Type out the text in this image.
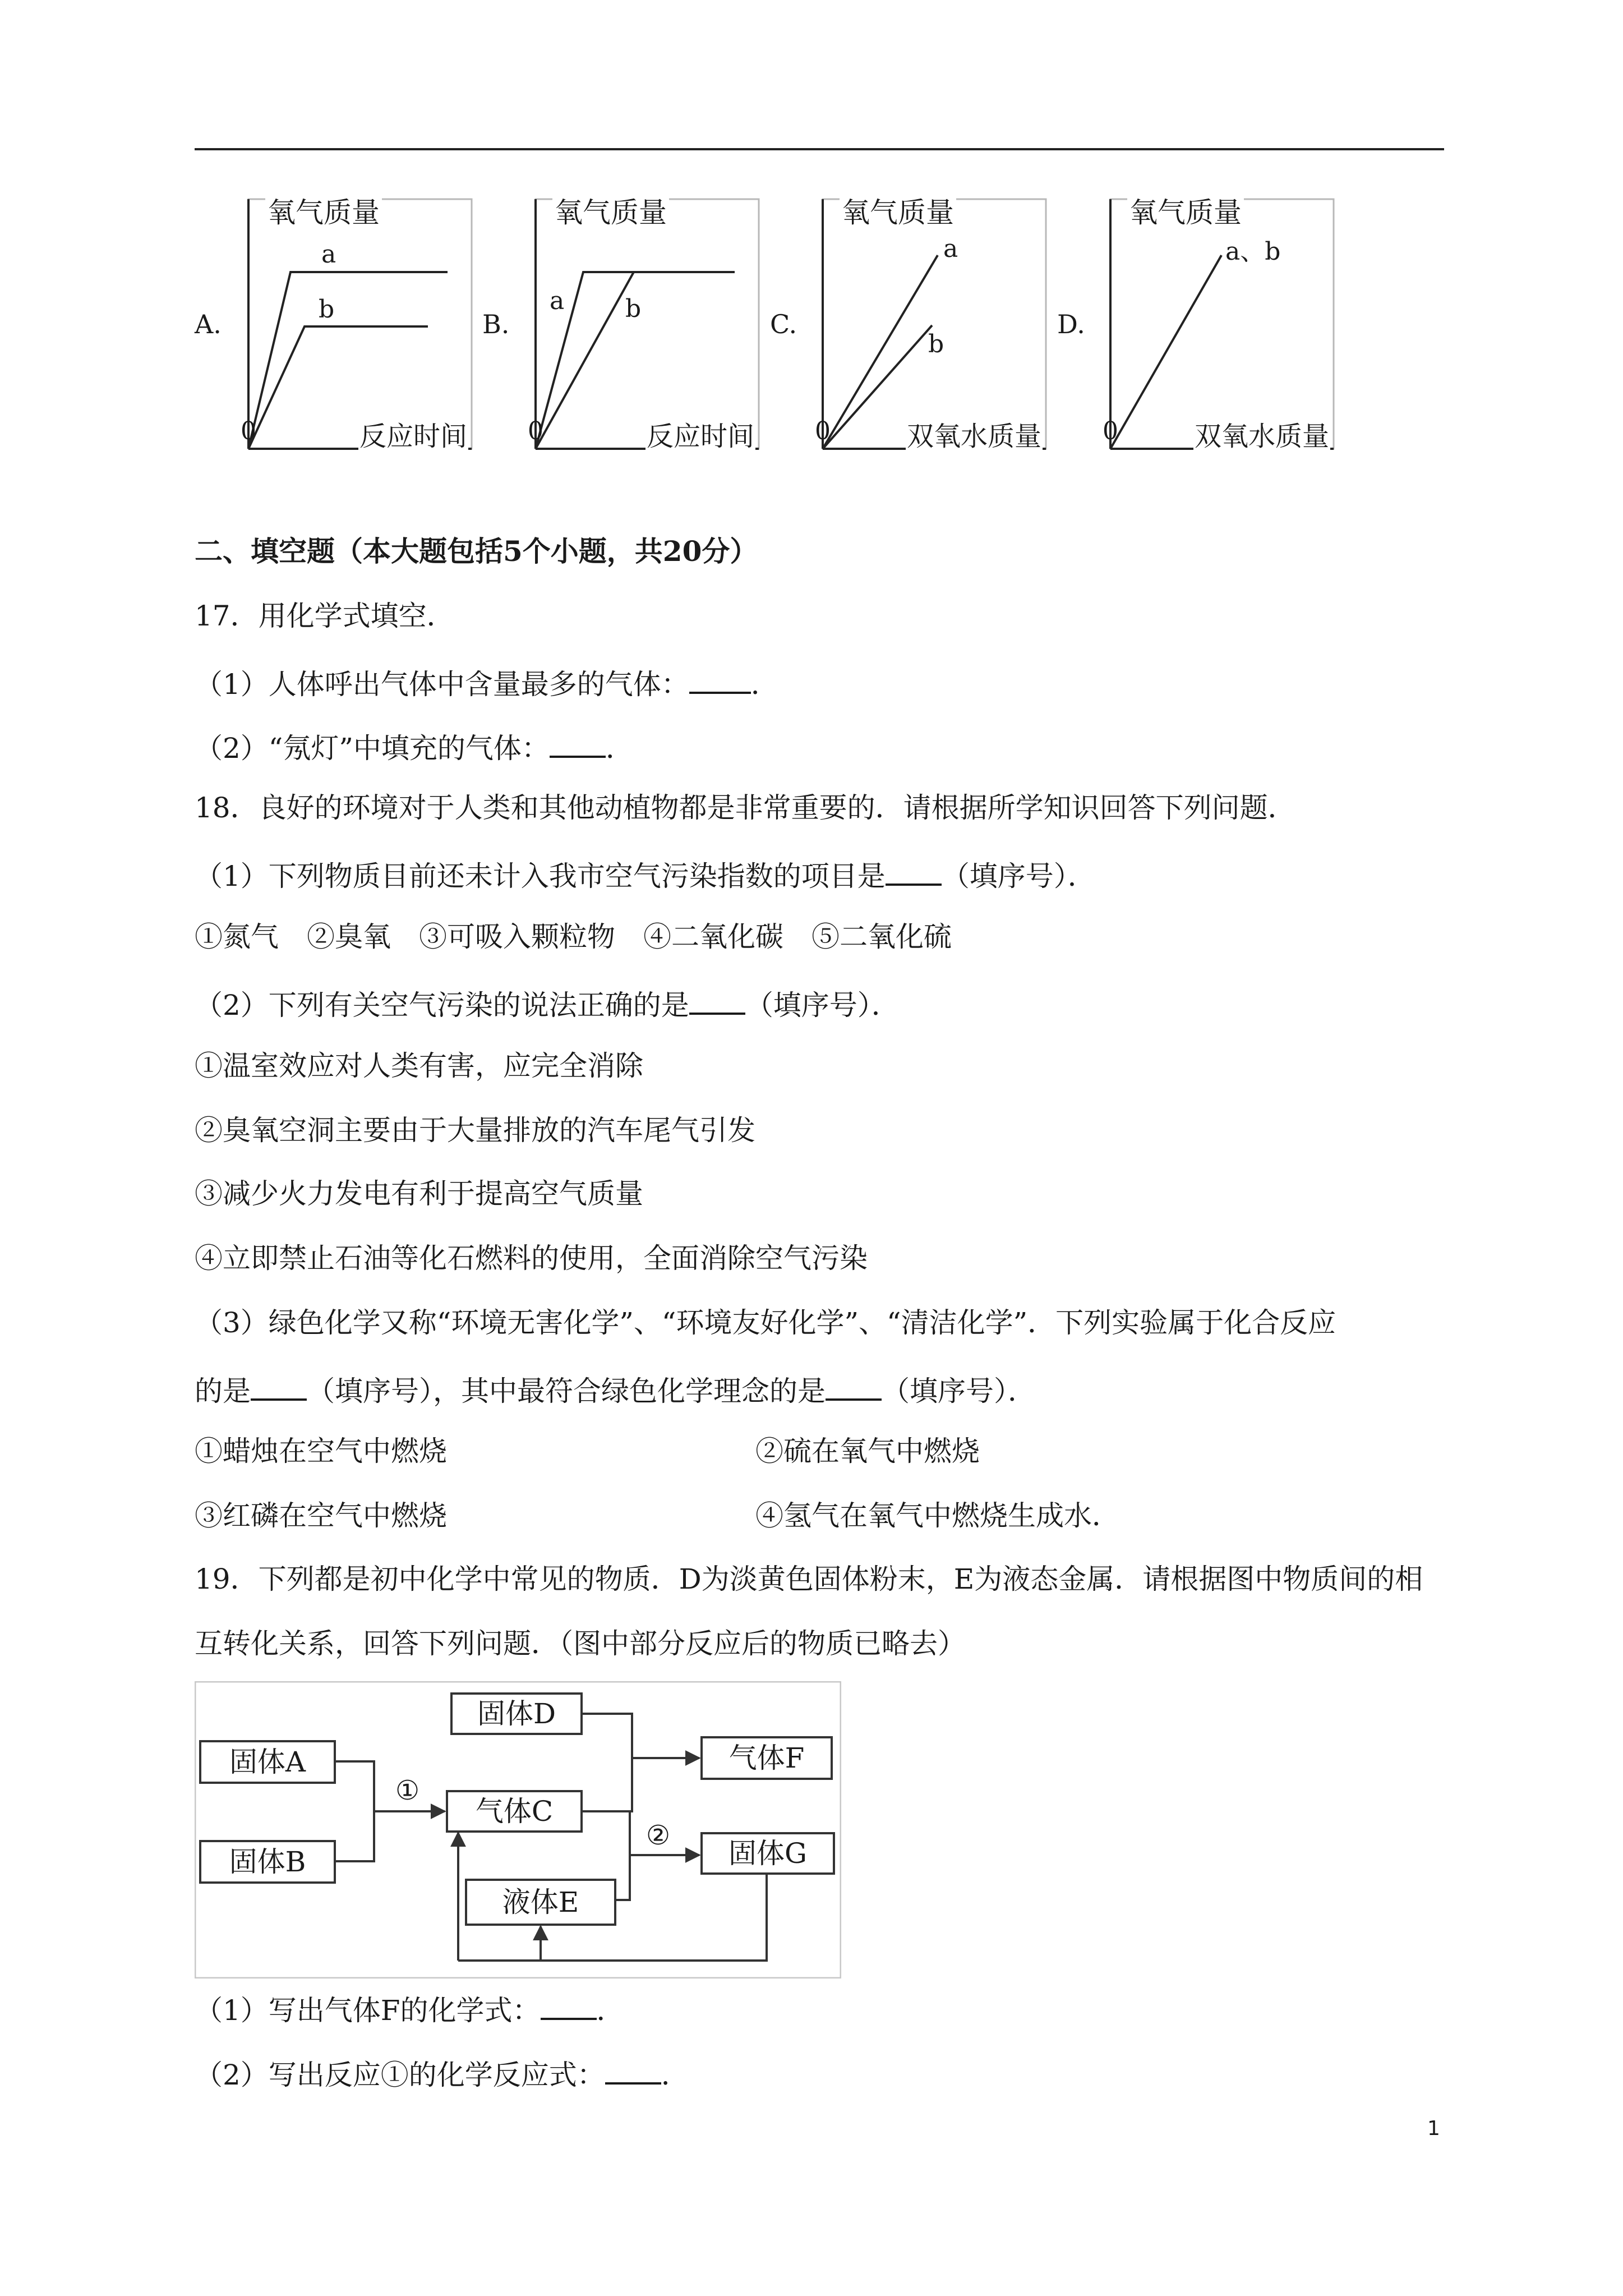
A.
氧气质量
反应时间
0
a
b	B.
氧气质量
反应时间
0
a b
C.
氧气质量
双氧水质量
0
a
b
D.
氧气质量
双氧水质量
0
a、b
二、填空题（本大题包括5个小题，共20分）
17．用化学式填空．
（1）人体呼出气体中含量最多的气体： ．
（2）“氖灯”中填充的气体： ．
18．良好的环境对于人类和其他动植物都是非常重要的．请根据所学知识回答下列问题．
（1）下列物质目前还未计入我市空气污染指数的项目是 （填序号）．
①氮气　②臭氧　③可吸入颗粒物　④二氧化碳　⑤二氧化硫
（2）下列有关空气污染的说法正确的是 （填序号）．
①温室效应对人类有害，应完全消除
②臭氧空洞主要由于大量排放的汽车尾气引发
③减少火力发电有利于提高空气质量
④立即禁止石油等化石燃料的使用，全面消除空气污染
（3）绿色化学又称“环境无害化学”、“环境友好化学”、“清洁化学”．下列实验属于化合反应
的是 （填序号），其中最符合绿色化学理念的是 （填序号）．
①蜡烛在空气中燃烧	②硫在氧气中燃烧
③红磷在空气中燃烧	④氢气在氧气中燃烧生成水．
19．下列都是初中化学中常见的物质．D为淡黄色固体粉末，E为液态金属．请根据图中物质间的相
互转化关系，回答下列问题．（图中部分反应后的物质已略去）
固体A
固体B
固体D
气体C
液体E
气体F
固体G
①
②
（1）写出气体F的化学式： ．
（2）写出反应①的化学反应式： ．
1
